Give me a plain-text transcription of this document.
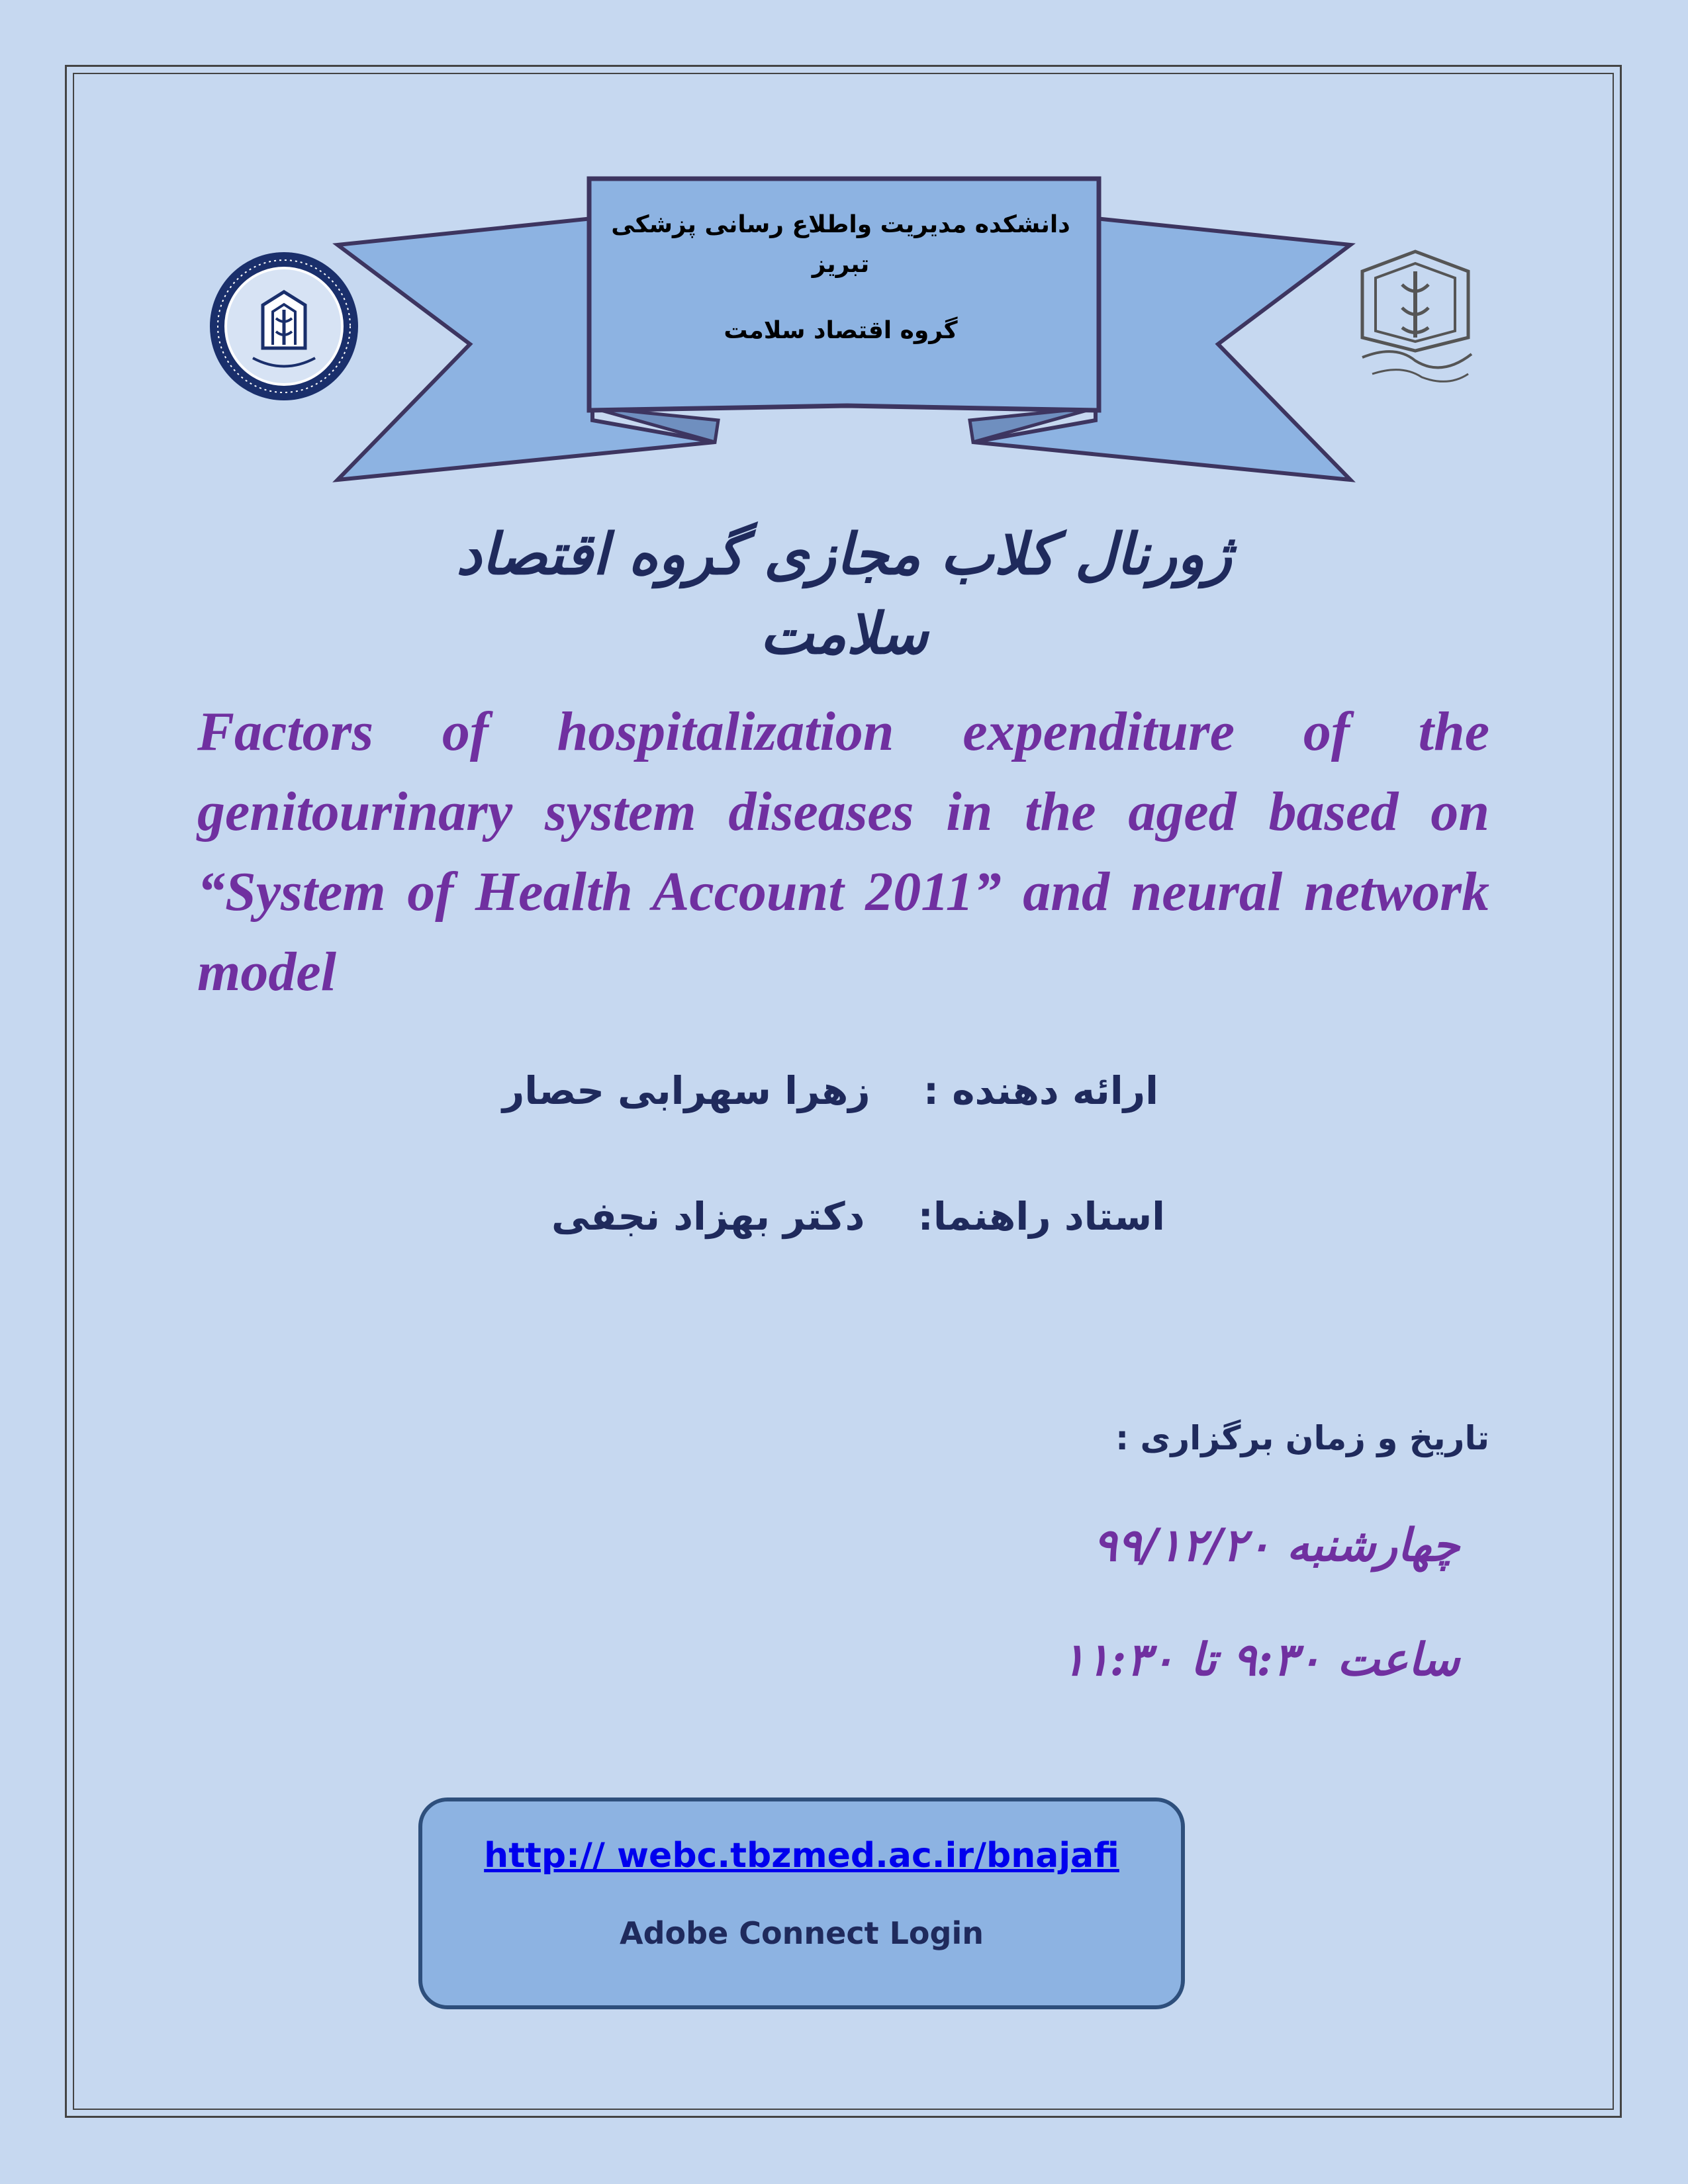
دانشکده مدیریت واطلاع رسانی پزشکی تبریز
گروه اقتصاد سلامت
ژورنال کلاب مجازی گروه اقتصاد سلامت
Factors of hospitalization expenditure of the genitourinary system diseases in the aged based on “System of Health Account 2011” and neural network model
ارائه دهنده : زهرا سهرابی حصار
استاد راهنما: دکتر بهزاد نجفی
تاریخ و زمان برگزاری :
چهارشنبه ۹۹/۱۲/۲۰
ساعت ۹:۳۰ تا ۱۱:۳۰
http:// webc.tbzmed.ac.ir/bnajafi
Adobe Connect Login
